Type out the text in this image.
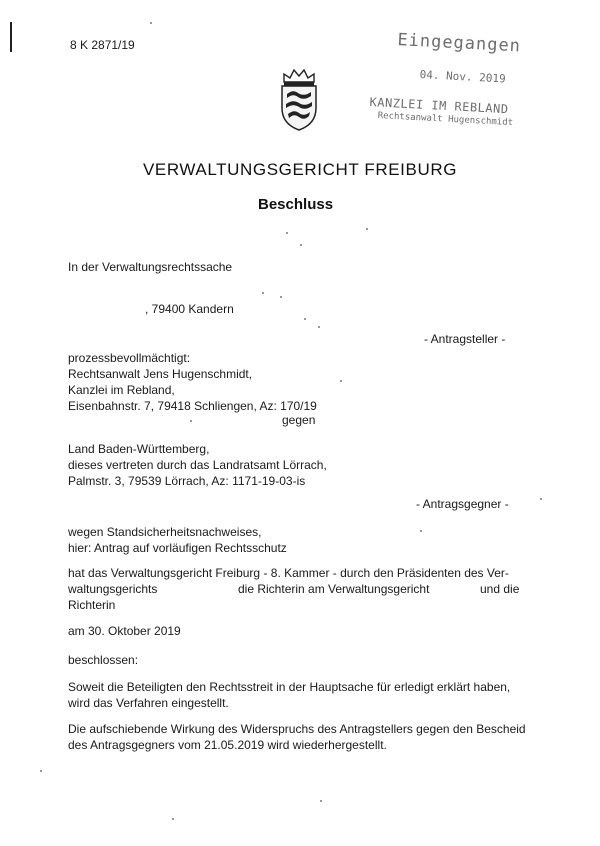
8 K 2871/19	Eingegangen
04. Nov. 2019
KANZLEI IM REBLAND
Rechtsanwalt Hugenschmidt
VERWALTUNGSGERICHT FREIBURG
Beschluss
In der Verwaltungsrechtssache
, 79400 Kandern
- Antragsteller -
prozessbevollmächtigt:
Rechtsanwalt Jens Hugenschmidt,
Kanzlei im Rebland,
Eisenbahnstr. 7, 79418 Schliengen, Az: 170/19
gegen
Land Baden-Württemberg,
dieses vertreten durch das Landratsamt Lörrach,
Palmstr. 3, 79539 Lörrach, Az: 1171-19-03-is
- Antragsgegner -
wegen Standsicherheitsnachweises,
hier: Antrag auf vorläufigen Rechtsschutz
hat das Verwaltungsgericht Freiburg - 8. Kammer - durch den Präsidenten des Ver-
waltungsgerichts	die Richterin am Verwaltungsgericht	und die
Richterin
am 30. Oktober 2019
beschlossen:
Soweit die Beteiligten den Rechtsstreit in der Hauptsache für erledigt erklärt haben,
wird das Verfahren eingestellt.
Die aufschiebende Wirkung des Widerspruchs des Antragstellers gegen den Bescheid
des Antragsgegners vom 21.05.2019 wird wiederhergestellt.
